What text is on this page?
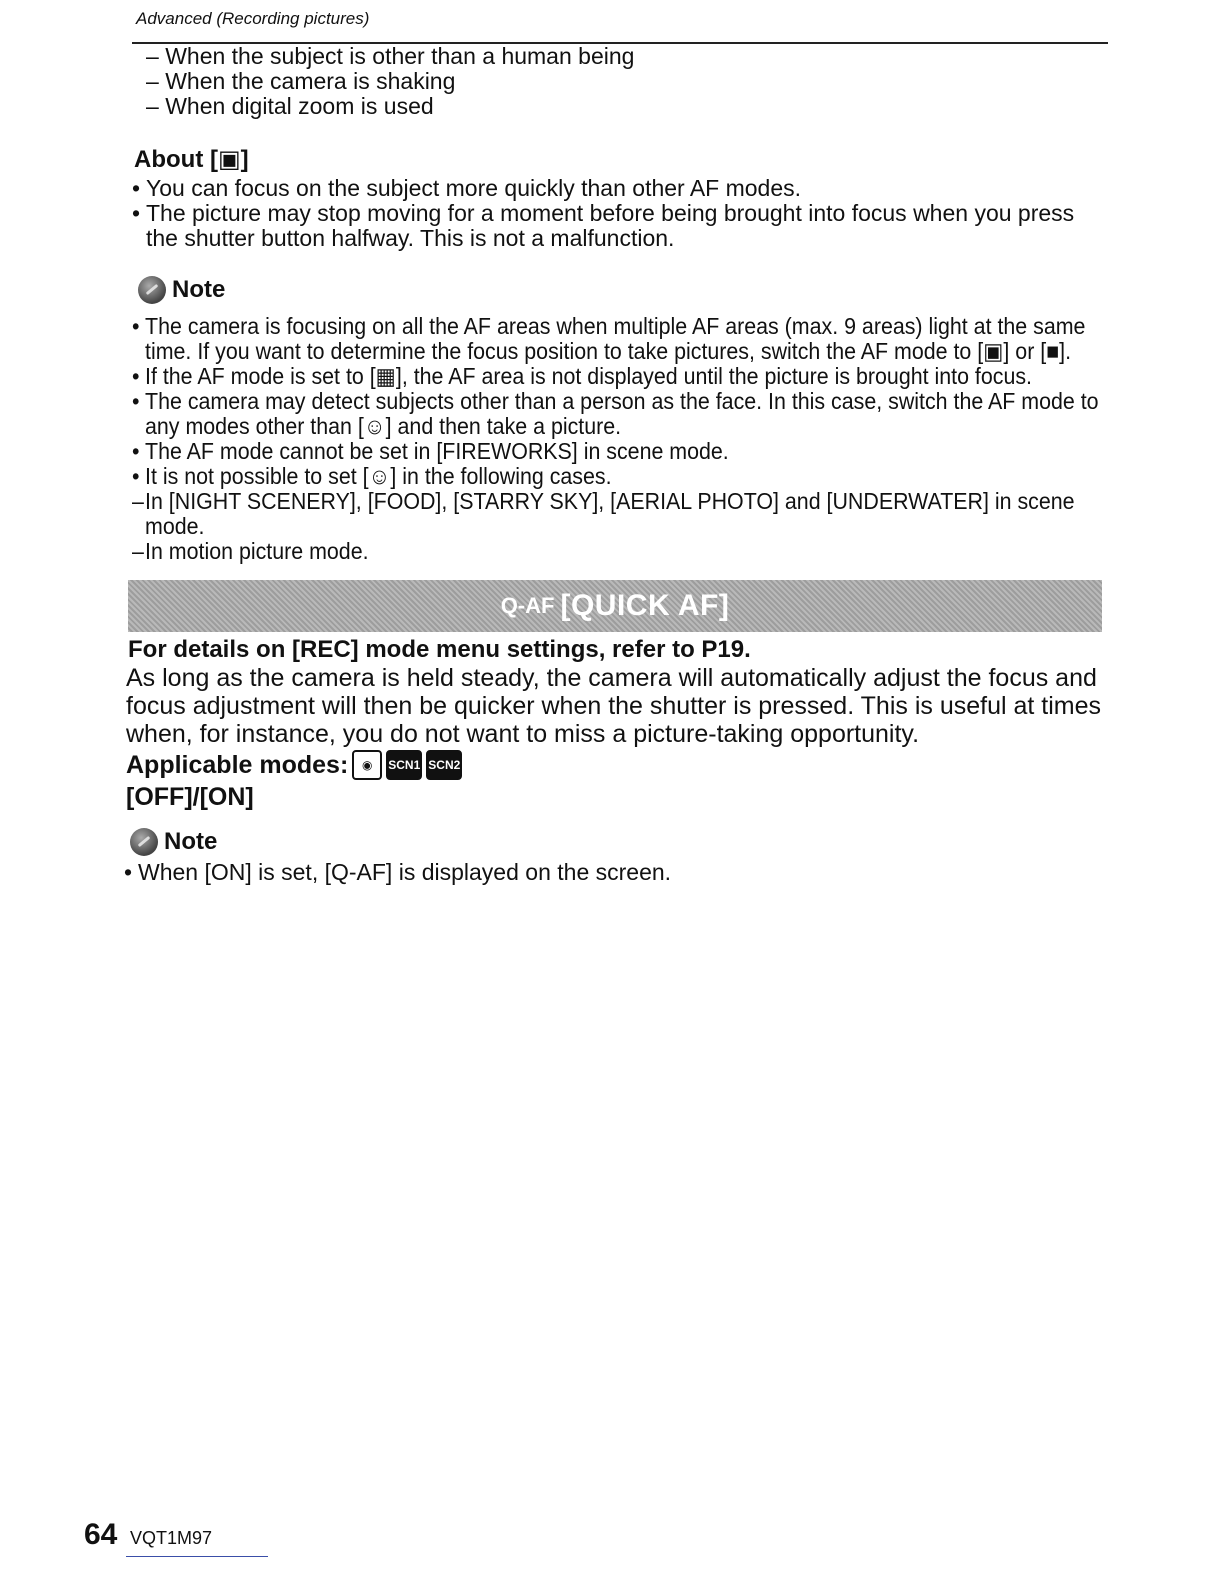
Advanced (Recording pictures)
– When the subject is other than a human being
– When the camera is shaking
– When digital zoom is used
About [▣]
• You can focus on the subject more quickly than other AF modes.
• The picture may stop moving for a moment before being brought into focus when you press the shutter button halfway. This is not a malfunction.
Note
• The camera is focusing on all the AF areas when multiple AF areas (max. 9 areas) light at the same time. If you want to determine the focus position to take pictures, switch the AF mode to [▣] or [■].
• If the AF mode is set to [▦], the AF area is not displayed until the picture is brought into focus.
• The camera may detect subjects other than a person as the face. In this case, switch the AF mode to any modes other than [☺] and then take a picture.
• The AF mode cannot be set in [FIREWORKS] in scene mode.
• It is not possible to set [☺] in the following cases.
– In [NIGHT SCENERY], [FOOD], [STARRY SKY], [AERIAL PHOTO] and [UNDERWATER] in scene mode.
– In motion picture mode.
Q-AF [QUICK AF]
For details on [REC] mode menu settings, refer to P19.

As long as the camera is held steady, the camera will automatically adjust the focus and focus adjustment will then be quicker when the shutter is pressed. This is useful at times when, for instance, you do not want to miss a picture-taking opportunity.

Applicable modes:	◉	SCN1 SCN2
[OFF]/[ON]
Note
• When [ON] is set, [Q-AF] is displayed on the screen.
64 VQT1M97
